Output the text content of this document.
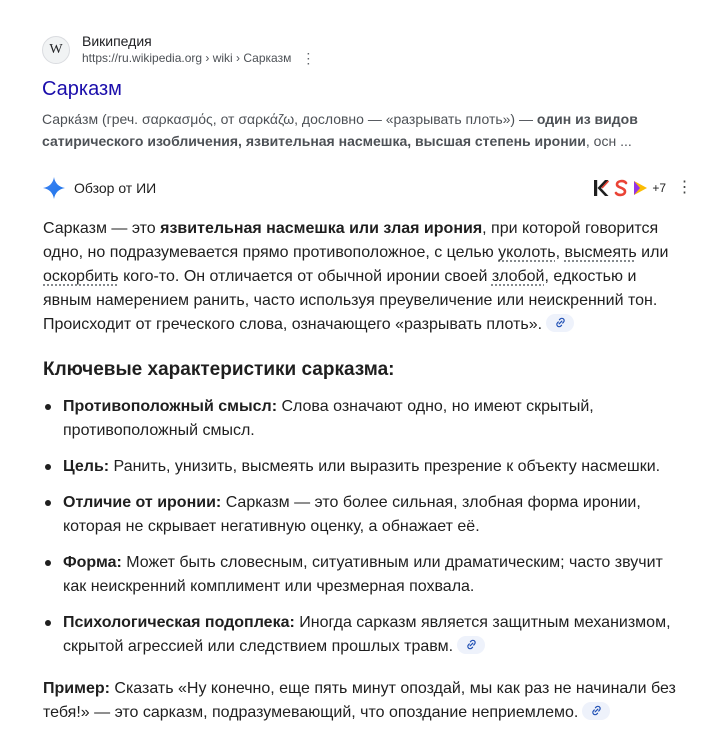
W
Википедия
https://ru.wikipedia.org › wiki › Сарказм ⋮
Сарказм
Сарка́зм (греч. σαρκασμός, от σαρκάζω, дословно — «разрывать плоть») — один из видов сатирического изобличения, язвительная насмешка, высшая степень иронии, осн ...
Обзор от ИИ	+7 ⋮

Сарказм — это язвительная насмешка или злая ирония, при которой говорится одно, но подразумевается прямо противоположное, с целью уколоть, высмеять или оскорбить кого-то. Он отличается от обычной иронии своей злобой, едкостью и явным намерением ранить, часто используя преувеличение или неискренний тон. Происходит от греческого слова, означающего «разрывать плоть».

Ключевые характеристики сарказма:
Противоположный смысл: Слова означают одно, но имеют скрытый, противоположный смысл.
Цель: Ранить, унизить, высмеять или выразить презрение к объекту насмешки.
Отличие от иронии: Сарказм — это более сильная, злобная форма иронии, которая не скрывает негативную оценку, а обнажает её.
Форма: Может быть словесным, ситуативным или драматическим; часто звучит как неискренний комплимент или чрезмерная похвала.
Психологическая подоплека: Иногда сарказм является защитным механизмом, скрытой агрессией или следствием прошлых травм.
Пример: Сказать «Ну конечно, еще пять минут опоздай, мы как раз не начинали без тебя!» — это сарказм, подразумевающий, что опоздание неприемлемо.
